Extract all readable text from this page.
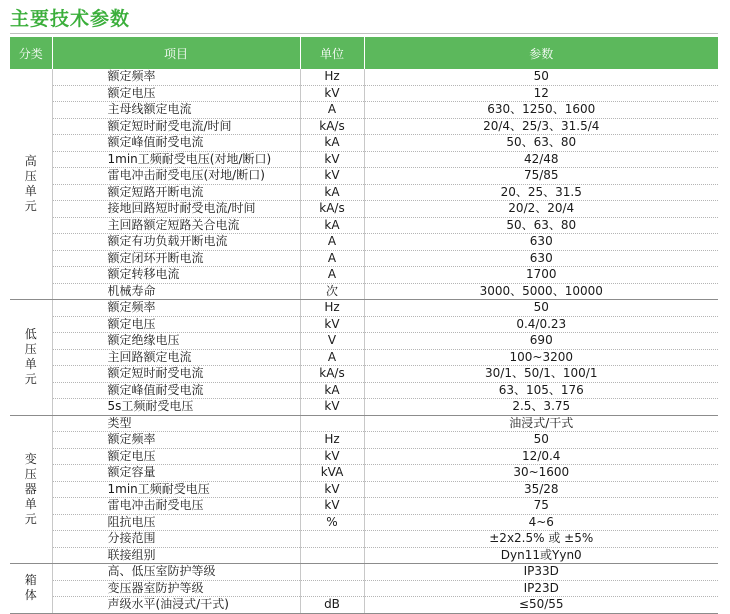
主要技术参数
分类	项目	单位	参数
高压单元	额定频率	Hz	50
	额定电压	kV	12
	主母线额定电流	A	630、1250、1600
	额定短时耐受电流/时间	kA/s	20/4、25/3、31.5/4
	额定峰值耐受电流	kA	50、63、80
	1min工频耐受电压(对地/断口)	kV	42/48
	雷电冲击耐受电压(对地/断口)	kV	75/85
	额定短路开断电流	kA	20、25、31.5
	接地回路短时耐受电流/时间	kA/s	20/2、20/4
	主回路额定短路关合电流	kA	50、63、80
	额定有功负载开断电流	A	630
	额定闭环开断电流	A	630
	额定转移电流	A	1700
	机械寿命	次	3000、5000、10000
低压单元	额定频率	Hz	50
	额定电压	kV	0.4/0.23
	额定绝缘电压	V	690
	主回路额定电流	A	100~3200
	额定短时耐受电流	kA/s	30/1、50/1、100/1
	额定峰值耐受电流	kA	63、105、176
	5s工频耐受电压	kV	2.5、3.75
变压器单元	类型		油浸式/干式
	额定频率	Hz	50
	额定电压	kV	12/0.4
	额定容量	kVA	30~1600
	1min工频耐受电压	kV	35/28
	雷电冲击耐受电压	kV	75
	阻抗电压	%	4~6
	分接范围		±2x2.5% 或 ±5%
	联接组别		Dyn11或Yyn0
箱体	高、低压室防护等级		IP33D
	变压器室防护等级		IP23D
	声级水平(油浸式/干式)	dB	≤50/55
